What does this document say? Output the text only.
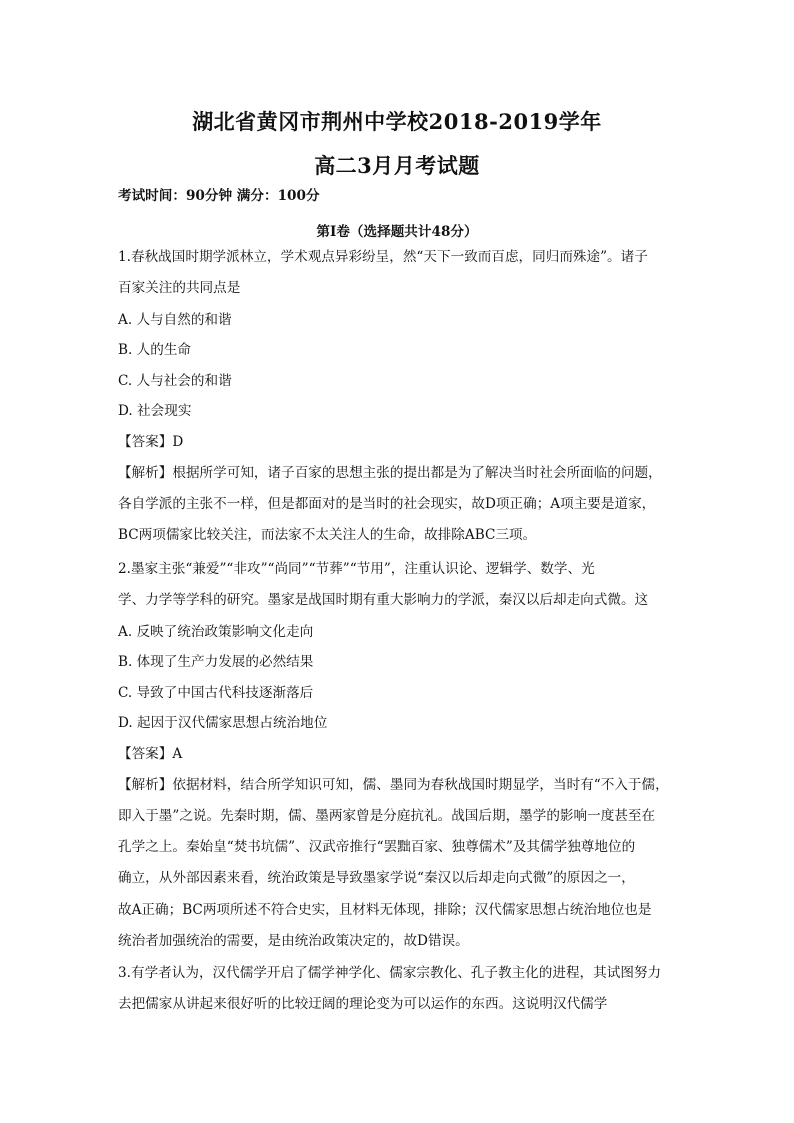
湖北省黄冈市荆州中学校2018-2019学年
高二3月月考试题
考试时间：90分钟 满分：100分
第Ⅰ卷（选择题共计48分）
1.春秋战国时期学派林立，学术观点异彩纷呈，然“天下一致而百虑，同归而殊途”。诸子
百家关注的共同点是
A. 人与自然的和谐
B. 人的生命
C. 人与社会的和谐
D. 社会现实
【答案】D
【解析】根据所学可知，诸子百家的思想主张的提出都是为了解决当时社会所面临的问题，
各自学派的主张不一样，但是都面对的是当时的社会现实，故D项正确；A项主要是道家，
BC两项儒家比较关注，而法家不太关注人的生命，故排除ABC三项。
2.墨家主张“兼爱”“非攻”“尚同”“节葬”“节用”，注重认识论、逻辑学、数学、光
学、力学等学科的研究。墨家是战国时期有重大影响力的学派，秦汉以后却走向式微。这
A. 反映了统治政策影响文化走向
B. 体现了生产力发展的必然结果
C. 导致了中国古代科技逐渐落后
D. 起因于汉代儒家思想占统治地位
【答案】A
【解析】依据材料，结合所学知识可知，儒、墨同为春秋战国时期显学，当时有“不入于儒，
即入于墨”之说。先秦时期，儒、墨两家曾是分庭抗礼。战国后期，墨学的影响一度甚至在
孔学之上。秦始皇“焚书坑儒”、汉武帝推行“罢黜百家、独尊儒术”及其儒学独尊地位的
确立，从外部因素来看，统治政策是导致墨家学说“秦汉以后却走向式微”的原因之一，
故A正确；BC两项所述不符合史实，且材料无体现，排除；汉代儒家思想占统治地位也是
统治者加强统治的需要，是由统治政策决定的，故D错误。
3.有学者认为，汉代儒学开启了儒学神学化、儒家宗教化、孔子教主化的进程，其试图努力
去把儒家从讲起来很好听的比较迂阔的理论变为可以运作的东西。这说明汉代儒学
